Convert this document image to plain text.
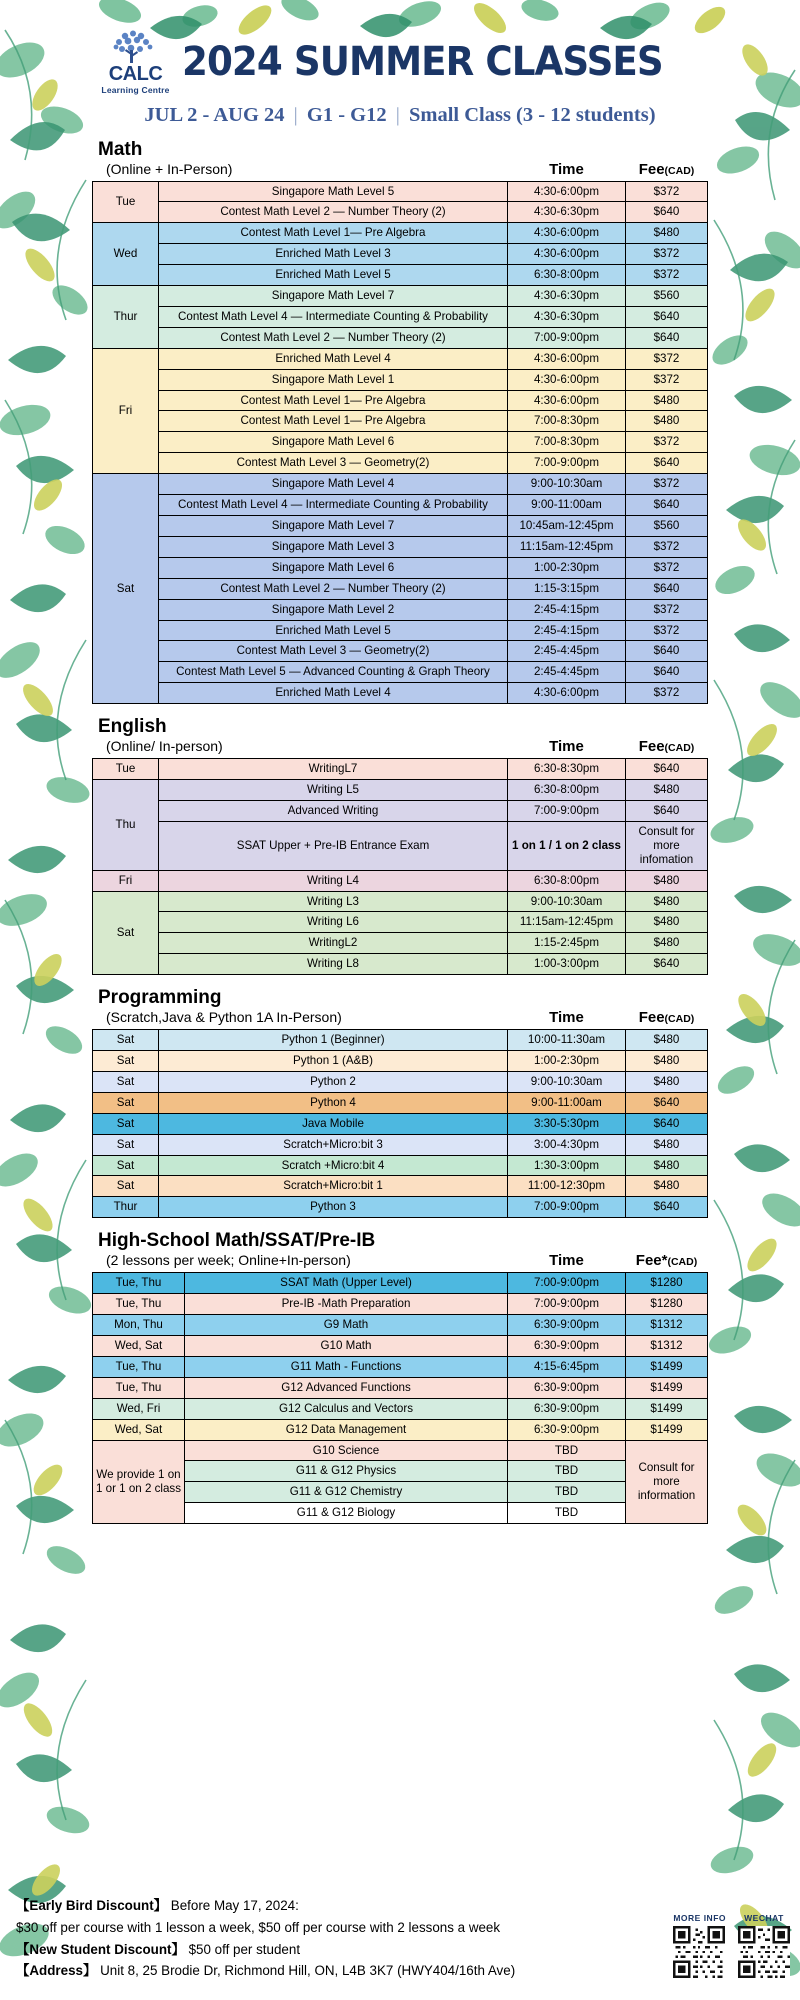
CALC
Learning Centre
2024 SUMMER CLASSES
JUL 2 - AUG 24 | G1 - G12 | Small Class (3 - 12 students)
Math
(Online + In-Person)	Time	Fee(CAD)
Tue	Singapore Math Level 5	4:30-6:00pm	$372
	Contest Math Level 2 — Number Theory (2)	4:30-6:30pm	$640
Wed	Contest Math Level 1— Pre Algebra	4:30-6:00pm	$480
	Enriched Math Level 3	4:30-6:00pm	$372
	Enriched Math Level 5	6:30-8:00pm	$372
Thur	Singapore Math Level 7	4:30-6:30pm	$560
	Contest Math Level 4 — Intermediate Counting & Probability	4:30-6:30pm	$640
	Contest Math Level 2 — Number Theory (2)	7:00-9:00pm	$640
Fri	Enriched Math Level 4	4:30-6:00pm	$372
	Singapore Math Level 1	4:30-6:00pm	$372
	Contest Math Level 1— Pre Algebra	4:30-6:00pm	$480
	Contest Math Level 1— Pre Algebra	7:00-8:30pm	$480
	Singapore Math Level 6	7:00-8:30pm	$372
	Contest Math Level 3 — Geometry(2)	7:00-9:00pm	$640
Sat	Singapore Math Level 4	9:00-10:30am	$372
	Contest Math Level 4 — Intermediate Counting & Probability	9:00-11:00am	$640
	Singapore Math Level 7	10:45am-12:45pm	$560
	Singapore Math Level 3	11:15am-12:45pm	$372
	Singapore Math Level 6	1:00-2:30pm	$372
	Contest Math Level 2 — Number Theory (2)	1:15-3:15pm	$640
	Singapore Math Level 2	2:45-4:15pm	$372
	Enriched Math Level 5	2:45-4:15pm	$372
	Contest Math Level 3 — Geometry(2)	2:45-4:45pm	$640
	Contest Math Level 5 — Advanced Counting & Graph Theory	2:45-4:45pm	$640
	Enriched Math Level 4	4:30-6:00pm	$372
English
(Online/ In-person)	Time	Fee(CAD)
Tue	WritingL7	6:30-8:30pm	$640
Thu	Writing L5	6:30-8:00pm	$480
	Advanced Writing	7:00-9:00pm	$640
	SSAT Upper + Pre-IB Entrance Exam	1 on 1 / 1 on 2 class	Consult for more infomation
Fri	Writing L4	6:30-8:00pm	$480
Sat	Writing L3	9:00-10:30am	$480
	Writing L6	11:15am-12:45pm	$480
	WritingL2	1:15-2:45pm	$480
	Writing L8	1:00-3:00pm	$640
Programming
(Scratch,Java & Python 1A In-Person)	Time	Fee(CAD)
Sat	Python 1 (Beginner)	10:00-11:30am	$480
Sat	Python 1 (A&B)	1:00-2:30pm	$480
Sat	Python 2	9:00-10:30am	$480
Sat	Python 4	9:00-11:00am	$640
Sat	Java Mobile	3:30-5:30pm	$640
Sat	Scratch+Micro:bit 3	3:00-4:30pm	$480
Sat	Scratch +Micro:bit 4	1:30-3:00pm	$480
Sat	Scratch+Micro:bit 1	11:00-12:30pm	$480
Thur	Python 3	7:00-9:00pm	$640
High-School Math/SSAT/Pre-IB
(2 lessons per week; Online+In-person)	Time	Fee*(CAD)
Tue, Thu	SSAT Math (Upper Level)	7:00-9:00pm	$1280
Tue, Thu	Pre-IB -Math Preparation	7:00-9:00pm	$1280
Mon, Thu	G9 Math	6:30-9:00pm	$1312
Wed, Sat	G10 Math	6:30-9:00pm	$1312
Tue, Thu	G11 Math - Functions	4:15-6:45pm	$1499
Tue, Thu	G12 Advanced Functions	6:30-9:00pm	$1499
Wed, Fri	G12 Calculus and Vectors	6:30-9:00pm	$1499
Wed, Sat	G12 Data Management	6:30-9:00pm	$1499
We provide 1 on 1 or 1 on 2 class	G10 Science	TBD	Consult for more information
	G11 & G12 Physics	TBD	
	G11 & G12 Chemistry	TBD	
	G11 & G12 Biology	TBD	
【Early Bird Discount】 Before May 17, 2024:
$30 off per course with 1 lesson a week, $50 off per course with 2 lessons a week
【New Student Discount】 $50 off per student
【Address】 Unit 8, 25 Brodie Dr, Richmond Hill, ON, L4B 3K7 (HWY404/16th Ave)
MORE INFO	WECHAT
